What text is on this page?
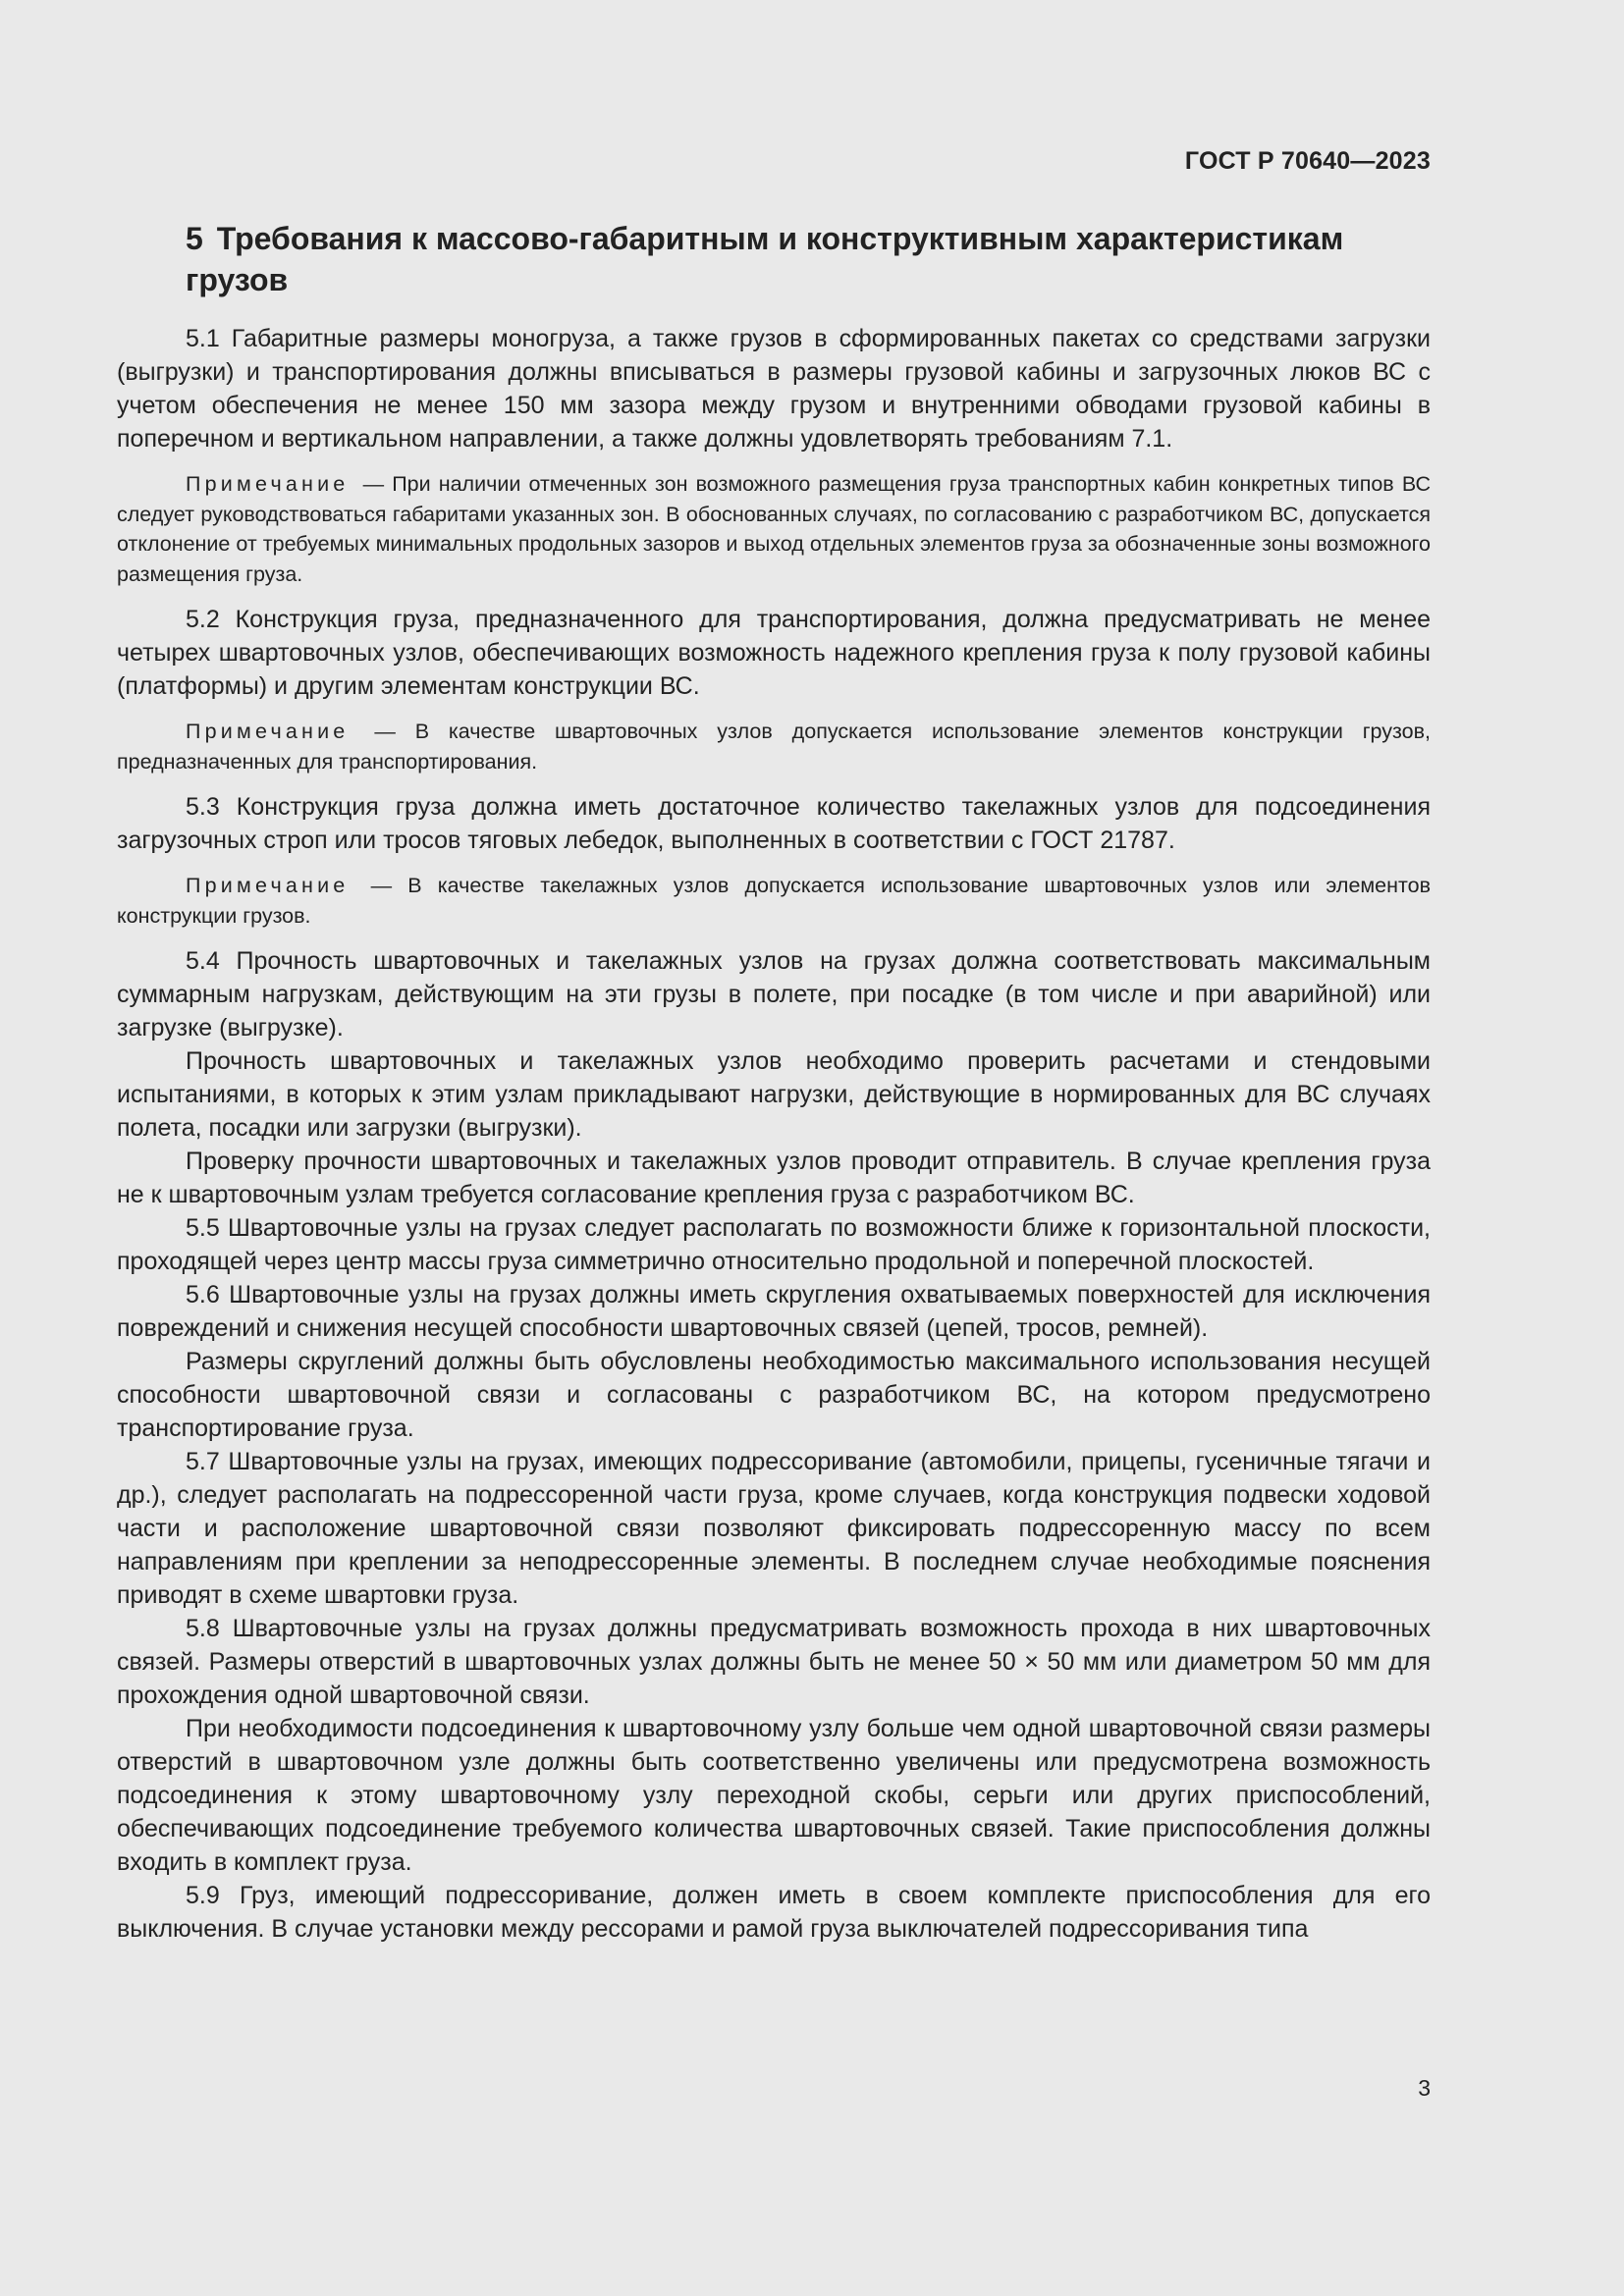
ГОСТ Р 70640—2023
5 Требования к массово-габаритным и конструктивным характеристикам грузов

5.1 Габаритные размеры моногруза, а также грузов в сформированных пакетах со средствами загрузки (выгрузки) и транспортирования должны вписываться в размеры грузовой кабины и загрузочных люков ВС с учетом обеспечения не менее 150 мм зазора между грузом и внутренними обводами грузовой кабины в поперечном и вертикальном направлении, а также должны удовлетворять требованиям 7.1.

Примечание — При наличии отмеченных зон возможного размещения груза транспортных кабин конкретных типов ВС следует руководствоваться габаритами указанных зон. В обоснованных случаях, по согласованию с разработчиком ВС, допускается отклонение от требуемых минимальных продольных зазоров и выход отдельных элементов груза за обозначенные зоны возможного размещения груза.

5.2 Конструкция груза, предназначенного для транспортирования, должна предусматривать не менее четырех швартовочных узлов, обеспечивающих возможность надежного крепления груза к полу грузовой кабины (платформы) и другим элементам конструкции ВС.

Примечание — В качестве швартовочных узлов допускается использование элементов конструкции грузов, предназначенных для транспортирования.

5.3 Конструкция груза должна иметь достаточное количество такелажных узлов для подсоединения загрузочных строп или тросов тяговых лебедок, выполненных в соответствии с ГОСТ 21787.

Примечание — В качестве такелажных узлов допускается использование швартовочных узлов или элементов конструкции грузов.

5.4 Прочность швартовочных и такелажных узлов на грузах должна соответствовать максимальным суммарным нагрузкам, действующим на эти грузы в полете, при посадке (в том числе и при аварийной) или загрузке (выгрузке).

Прочность швартовочных и такелажных узлов необходимо проверить расчетами и стендовыми испытаниями, в которых к этим узлам прикладывают нагрузки, действующие в нормированных для ВС случаях полета, посадки или загрузки (выгрузки).

Проверку прочности швартовочных и такелажных узлов проводит отправитель. В случае крепления груза не к швартовочным узлам требуется согласование крепления груза с разработчиком ВС.

5.5 Швартовочные узлы на грузах следует располагать по возможности ближе к горизонтальной плоскости, проходящей через центр массы груза симметрично относительно продольной и поперечной плоскостей.

5.6 Швартовочные узлы на грузах должны иметь скругления охватываемых поверхностей для исключения повреждений и снижения несущей способности швартовочных связей (цепей, тросов, ремней).

Размеры скруглений должны быть обусловлены необходимостью максимального использования несущей способности швартовочной связи и согласованы с разработчиком ВС, на котором предусмотрено транспортирование груза.

5.7 Швартовочные узлы на грузах, имеющих подрессоривание (автомобили, прицепы, гусеничные тягачи и др.), следует располагать на подрессоренной части груза, кроме случаев, когда конструкция подвески ходовой части и расположение швартовочной связи позволяют фиксировать подрессоренную массу по всем направлениям при креплении за неподрессоренные элементы. В последнем случае необходимые пояснения приводят в схеме швартовки груза.

5.8 Швартовочные узлы на грузах должны предусматривать возможность прохода в них швартовочных связей. Размеры отверстий в швартовочных узлах должны быть не менее 50 × 50 мм или диаметром 50 мм для прохождения одной швартовочной связи.

При необходимости подсоединения к швартовочному узлу больше чем одной швартовочной связи размеры отверстий в швартовочном узле должны быть соответственно увеличены или предусмотрена возможность подсоединения к этому швартовочному узлу переходной скобы, серьги или других приспособлений, обеспечивающих подсоединение требуемого количества швартовочных связей. Такие приспособления должны входить в комплект груза.

5.9 Груз, имеющий подрессоривание, должен иметь в своем комплекте приспособления для его выключения. В случае установки между рессорами и рамой груза выключателей подрессоривания типа

3
